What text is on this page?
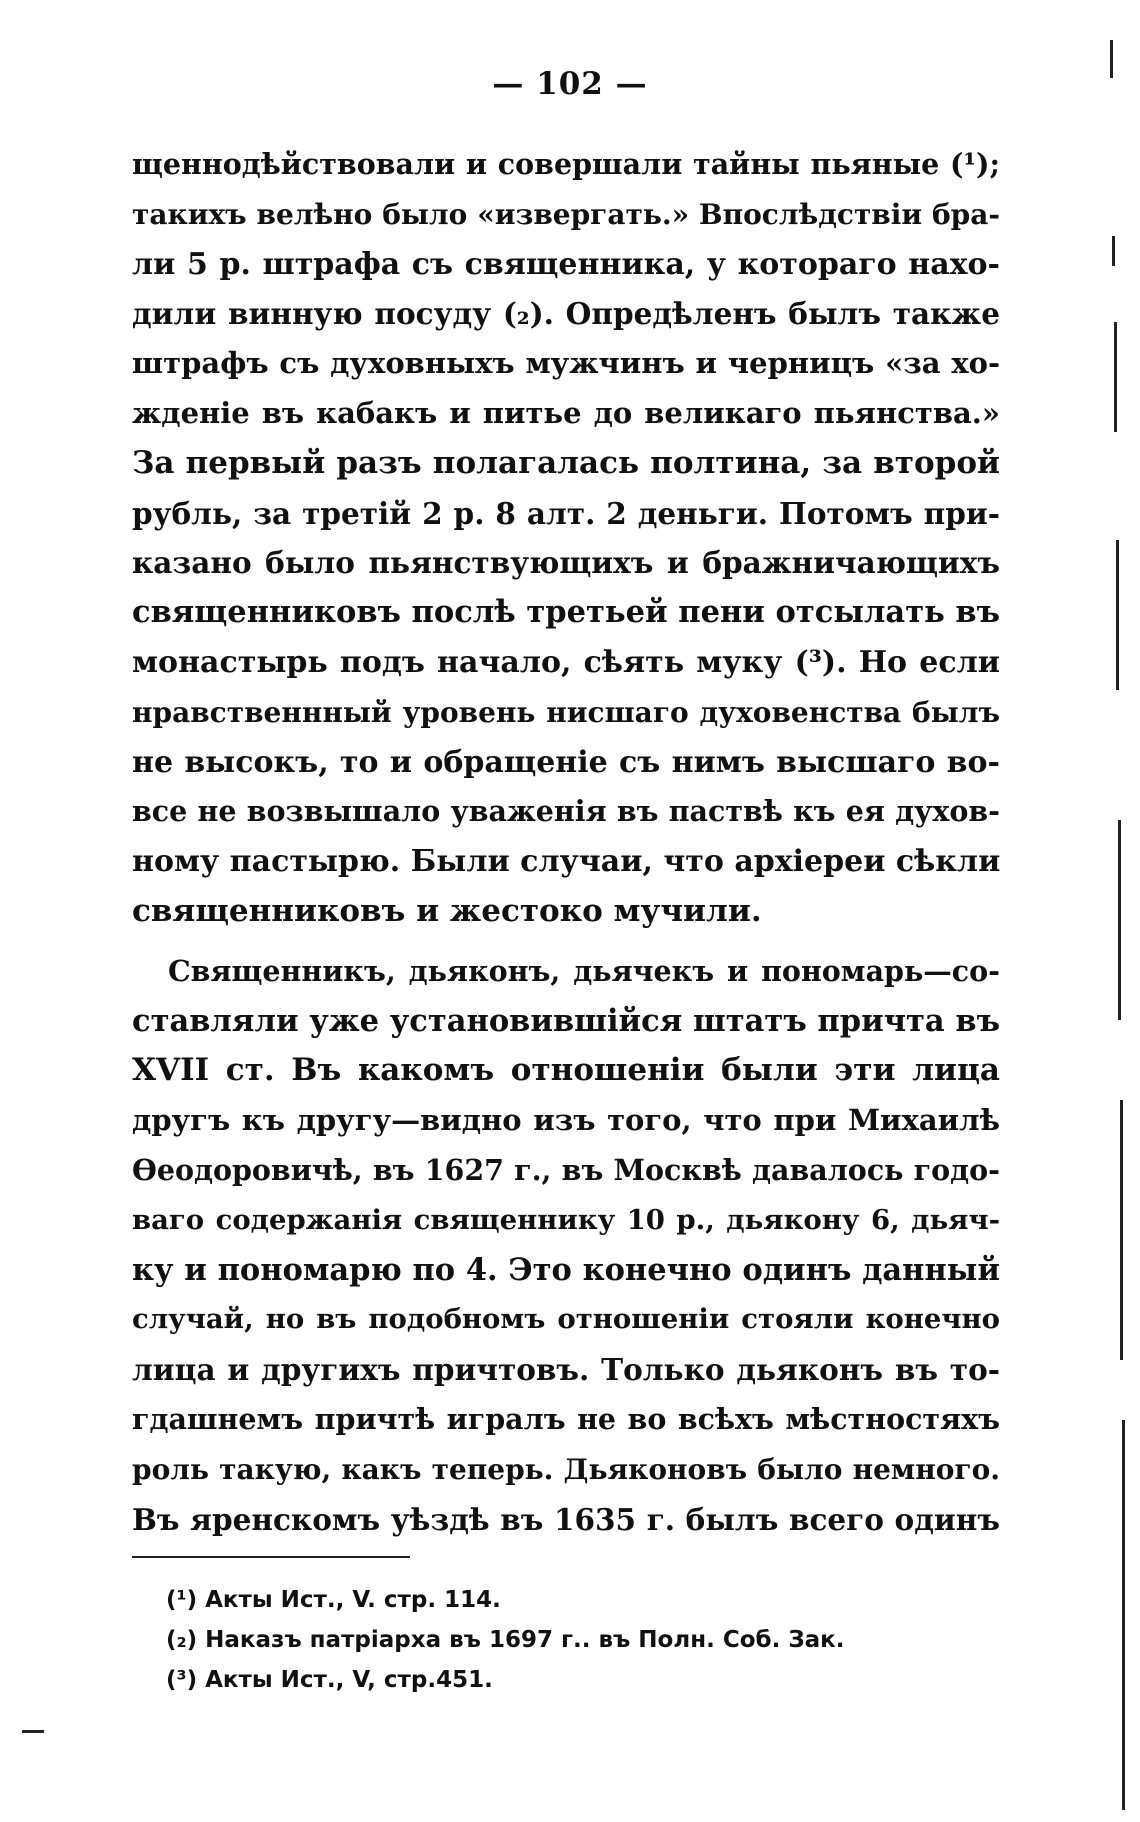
— 102 —
щеннодѣйствовали и совершали тайны пьяные (¹);
такихъ велѣно было «извергать.» Впослѣдствіи бра-
ли 5 р. штрафа съ священника, у котораго нахо-
дили винную посуду (₂). Опредѣленъ былъ также
штрафъ съ духовныхъ мужчинъ и черницъ «за хо-
жденіе въ кабакъ и питье до великаго пьянства.»
За первый разъ полагалась полтина, за второй
рубль, за третій 2 р. 8 алт. 2 деньги. Потомъ при-
казано было пьянствующихъ и бражничающихъ
священниковъ послѣ третьей пени отсылать въ
монастырь подъ начало, сѣять муку (³). Но если
нравственнный уровень нисшаго духовенства былъ
не высокъ, то и обращеніе съ нимъ высшаго во-
все не возвышало уваженія въ паствѣ къ ея духов-
ному пастырю. Были случаи, что архіереи сѣкли
священниковъ и жестоко мучили.
Священникъ, дьяконъ, дьячекъ и пономарь—со-
ставляли уже установившійся штатъ причта въ
XVII ст. Въ какомъ отношеніи были эти лица
другъ къ другу—видно изъ того, что при Михаилѣ
Ѳеодоровичѣ, въ 1627 г., въ Москвѣ давалось годо-
ваго содержанія священнику 10 р., дьякону 6, дьяч-
ку и пономарю по 4. Это конечно одинъ данный
случай, но въ подобномъ отношеніи стояли конечно
лица и другихъ причтовъ. Только дьяконъ въ то-
гдашнемъ причтѣ игралъ не во всѣхъ мѣстностяхъ
роль такую, какъ теперь. Дьяконовъ было немного.
Въ яренскомъ уѣздѣ въ 1635 г. былъ всего одинъ
(¹) Акты Ист., V. стр. 114.
(₂) Наказъ патріарха въ 1697 г.. въ Полн. Соб. Зак.
(³) Акты Ист., V, стр.451.
